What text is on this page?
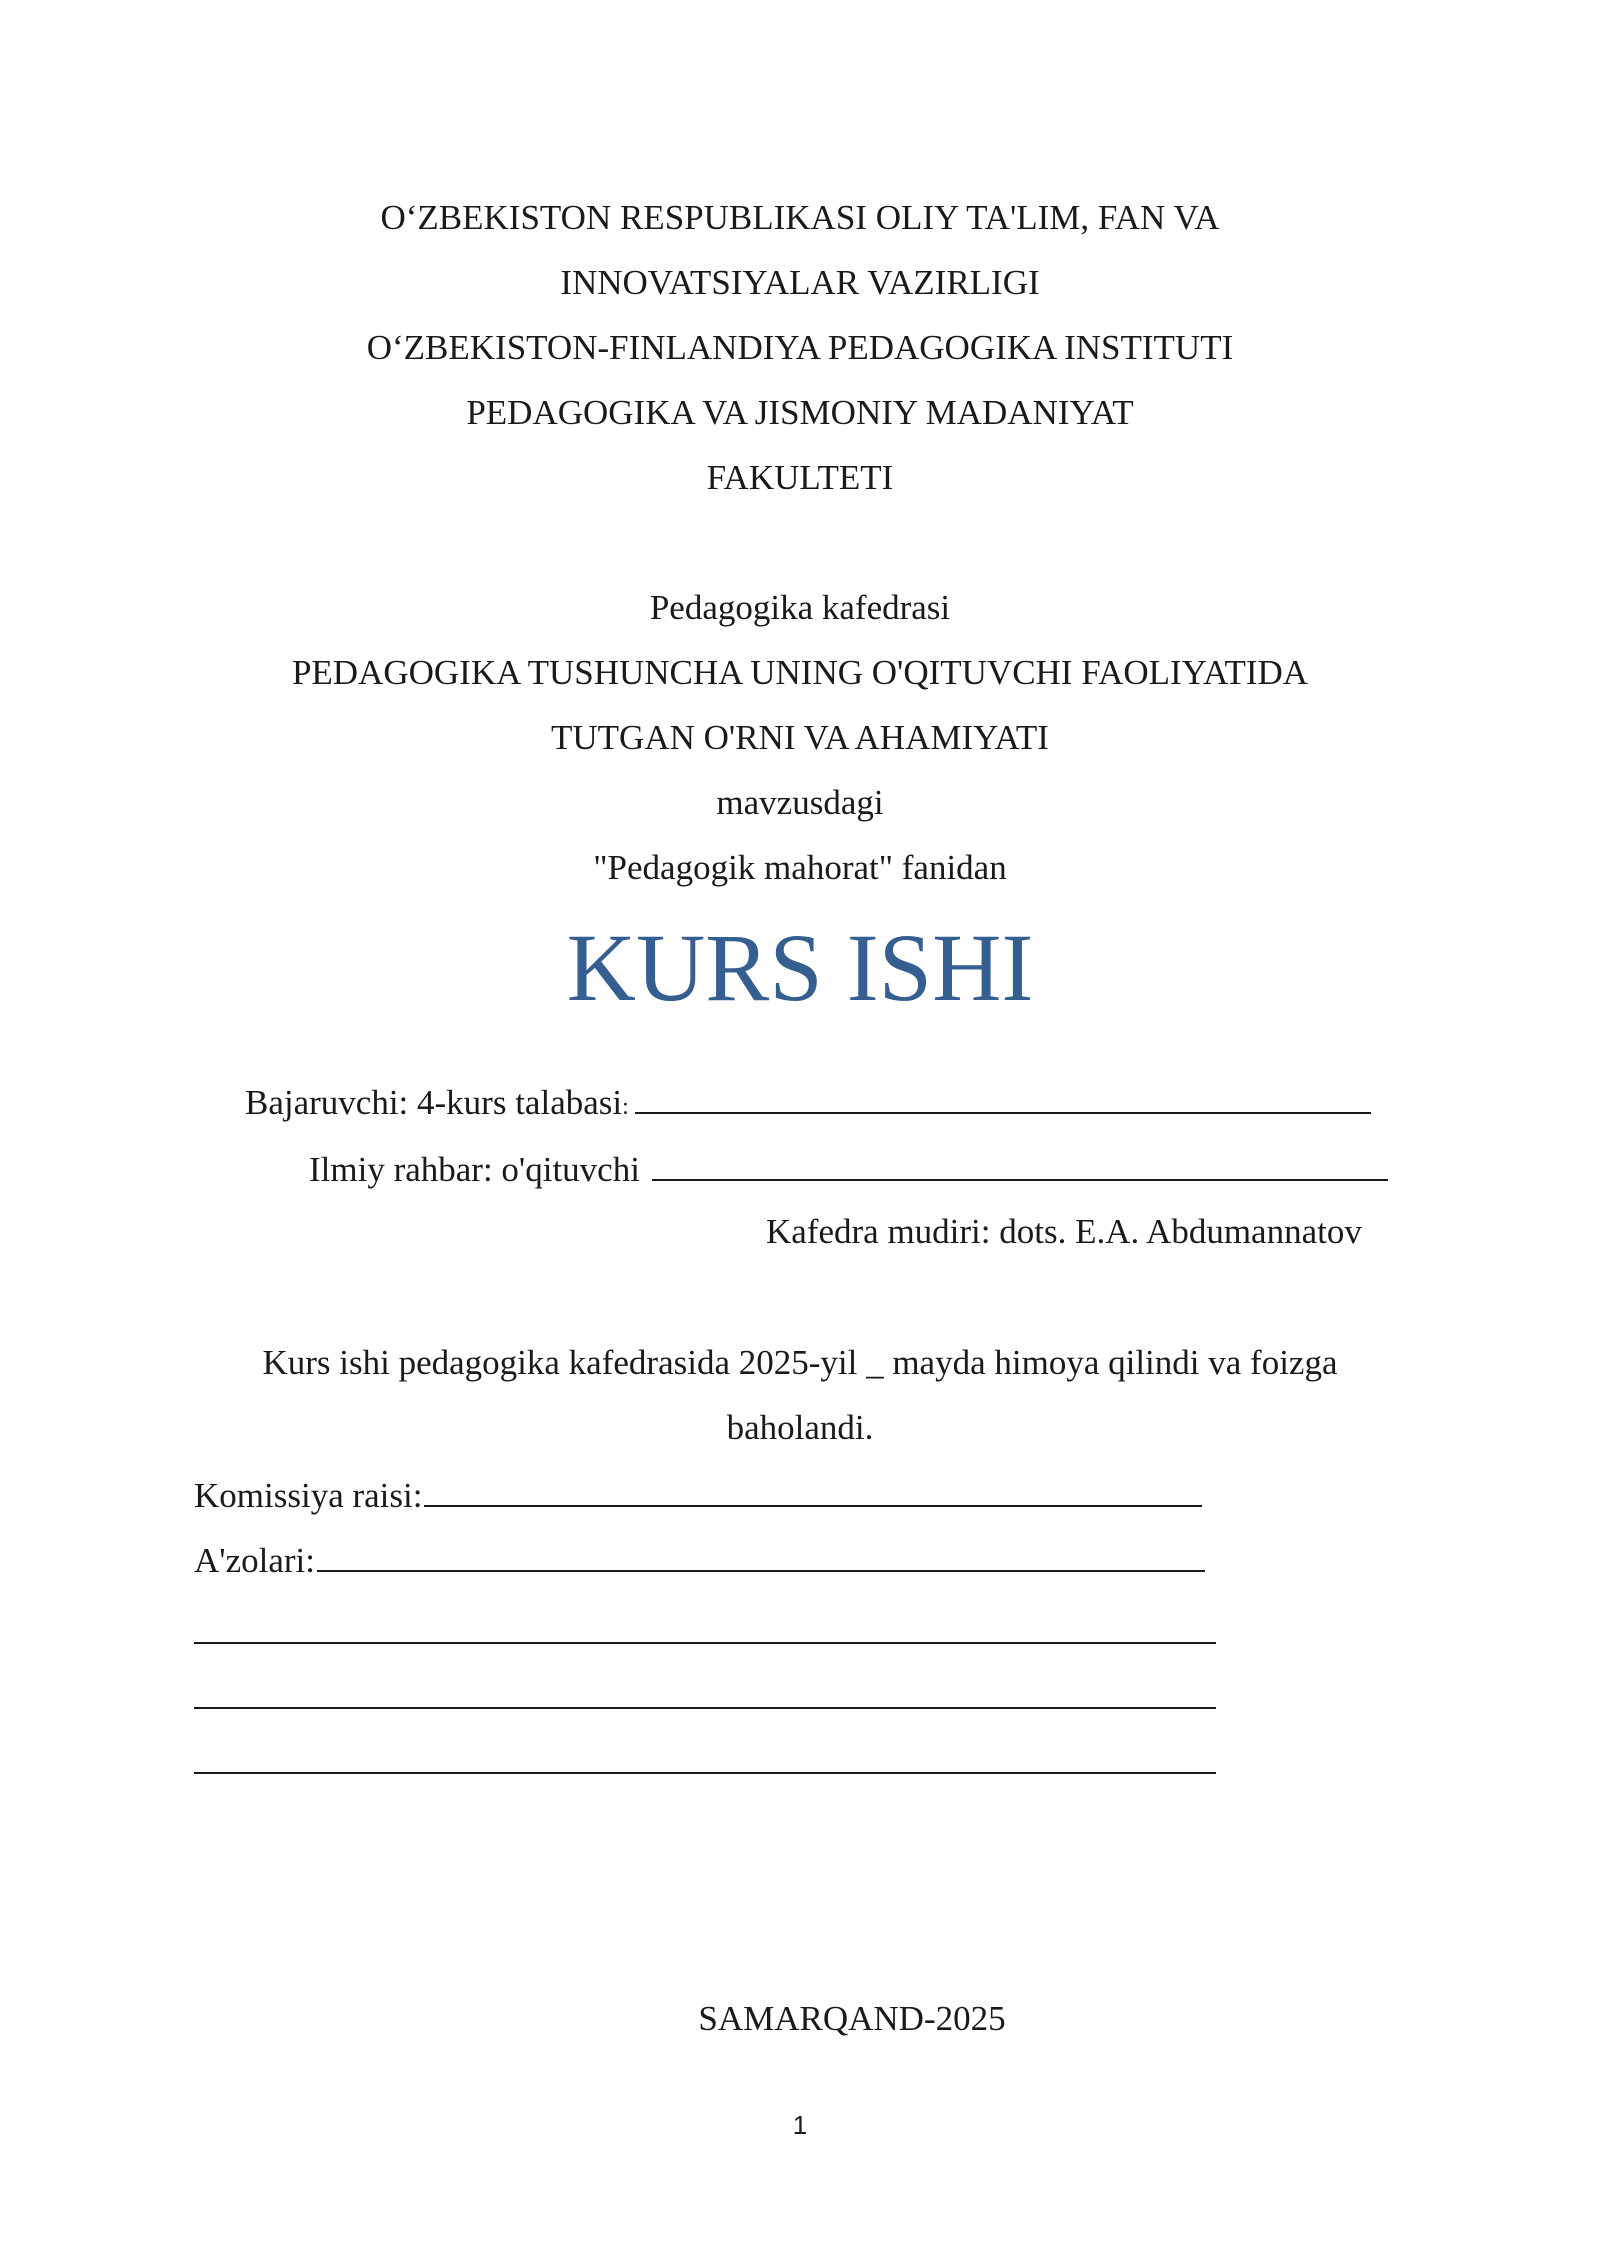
O‘ZBEKISTON RESPUBLIKASI OLIY TA'LIM, FAN VA
INNOVATSIYALAR VAZIRLIGI
O‘ZBEKISTON-FINLANDIYA PEDAGOGIKA INSTITUTI
PEDAGOGIKA VA JISMONIY MADANIYAT
FAKULTETI
Pedagogika kafedrasi
PEDAGOGIKA TUSHUNCHA UNING O'QITUVCHI FAOLIYATIDA
TUTGAN O'RNI VA AHAMIYATI
mavzusdagi
"Pedagogik mahorat" fanidan
KURS ISHI
Bajaruvchi: 4-kurs talabasi :
Ilmiy rahbar: o'qituvchi
Kafedra mudiri: dots. E.A. Abdumannatov
Kurs ishi pedagogika kafedrasida 2025-yil _ mayda himoya qilindi va foizga
baholandi.
Komissiya raisi:
A'zolari:
SAMARQAND-2025
1
